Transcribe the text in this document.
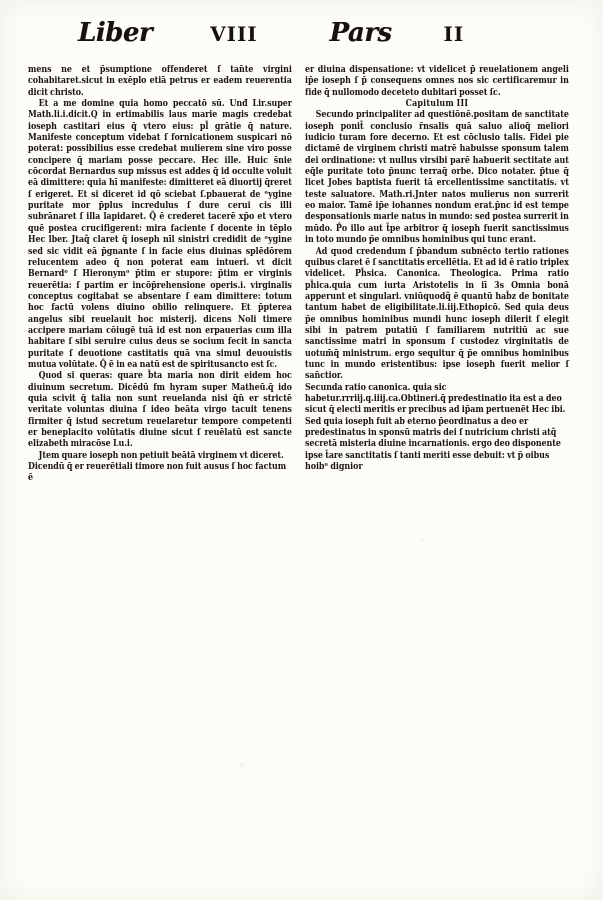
Liber	VIII	Pars	II

mens ne et p̄sumptione offenderet ſ tan̄te virgini cohabitaret.sicut in exēplo etiā petrus er eadem reuerentia dicit christo.

Et a me domine quia homo peccatō sū. Unđ Lir.super Math.li.i.dicit.Q in ertimabilis laus marie magis credebat ioseph castitari eius q̄ vtero eius: pl̄ grātie q̄ nature. Manifeste conceptum videbat ſ fornicationem suspicari nō poterat: possibilius esse credebat mulierem sine viro posse concipere q̄ mariam posse peccare. Hec ille. Huic s̄nie cōcordat Bernardus sup missus est addes q̄ id occulte voluit eā dimittere: quia hī manifeste: dimitteret eā diuortij q̄reret ſ erigeret. Et si diceret id qō sciebat ſ.pbauerat de ᵒygine puritate mor p̄plus incredulus ſ dure cerui cis illi subrānaret ſ illa lapidaret. Q̄ ē crederet tacerē xp̄o et vtero quē postea crucifigerent: mira faciente ſ docente in tēplo Hec lber. Jtaq̃ claret q̄ ioseph nīl sinistri credidit de ᵒygine sed sic vidit eā p̄gnante ſ in facie eius diuinas splēdōrem relucentem adeo q̄ non poterat eam intueri. vt dicit Bernardᵒ ſ Hieronymᵒ p̄tim er stupore: p̄tim er virginis reuerētia: ſ partim er incōp̄rehensione operis.i. virginalis conceptus cogitabat se absentare ſ eam dimittere: totum hoc factū volens diuino obilio relinquere. Et p̄pterea angelus sibi reuelauit hoc misterij. dicens Noli timere accipere mariam cōiugē tuā id est non erpauerias cum illa habitare ſ sibi seruire cuius deus se socium fecit in sancta puritate ſ deuotione castitatis quā vna simul deuouistis mutua volūtate. Q̄ ē in ea natū est de spiritusancto est ſc.

Quod si queras: quare b̄ta maria non dirit eidem hoc diuinum secretum. Dicēdū fm hyram super Matheū.q̄ ido quia scivit q̄ talia non sunt reuelanda nisi q̄n̄ er strictē veritate voluntas diuina ſ ideo beāta virgo tacuit tenens firmiter q̄ istud secretum reuelaretur tempore competenti er beneplacito volūtatis diuine sicut ſ reuēlatū est sancte elizabeth miracōse Lu.i.

Jtem quare ioseph non petiuit beātā virginem vt diceret. Dicendū q̄ er reuerētiali timore non fuit ausus ſ hoc factum ē

er diuina dispensatione: vt videlicet p̄ reuelationem angeli ip̄e ioseph ſ p̄ consequens omnes nos sic certificaremur in fide q̄ nullomodo deceteto dubitari posset ſc.

Capitulum III

Secundo principaliter ad questiōnē.positam de sanctitate ioseph ponit̄ conclusio r̄nsalis quā saluo alioq̄ meliori iudicio turam fore decerno. Et est cōclusio talis. Fidei pie dictamē de virginem christi matrē habuisse sponsum talem dei ordinatione: vt nullus virsibi parē habuerit sectitate aut eq̄le puritate toto p̄nunc terraq̄ orbe. Dico notater. p̄tue q̄ licet Jobes baptista fuerit tā ercellentissime sanctitatis. vt teste saluatore. Math.ri.Jnter natos mulierus non surrerit eo maior. Tamē ip̄e iohannes nondum erat.p̄nc id est tempe desponsationis marie natus in mundo: sed postea surrerit in mūdo. P̄o illo aut t̄pe arbitror q̄ ioseph fuerit sanctissimus in toto mundo p̄e omnibus hominibus qui tunc erant.

Ad quod credendum ſ p̄bandum subnēcto tertio rationes quibus claret ē ſ sanctitatis ercellētia. Et ad id ē ratio triplex videlicet. Ph̄sica. Canonica. Theologica. Prima ratio ph̄ica.quia cum iurta Aristotelis in iī 3s Omnia bonā apperunt et singulari. vniūquodq̃ ē quantū hab̄z de bonitate tantum habet de eligibilitate.li.iij.Ethopicō. Sed quia deus p̄e omnibus hominibus mundi hunc ioseph dilerit ſ elegit sibi in patrem putatiū ſ familiarem nutritiū ac sue sanctissime matri in sponsum ſ custodez virginitatis de uotum̄q̄ ministrum. ergo sequitur q̄ p̄e omnibus hominibus tunc in mundo eristentibus: ipse ioseph fuerit melior ſ san̄ctior.

Secunda ratio canonica. quia sic habetur.rrriij.q.iiij.ca.Obtineri.q̄ predestinatio ita est a deo sicut q̄ electi meritis er precibus ad ip̄am pertuenēt Hec ibi. Sed quia ioseph fuit ab eterno p̄eordinatus a deo er predestinatus in sponsū matris dei ſ nutricium christi atq̃ secretā misteria diuine incarnationis. ergo deo disponente ipse t̄are sanctitatis ſ tanti meriti esse debuit: vt p̄ oibus hoibᵒ dignior
